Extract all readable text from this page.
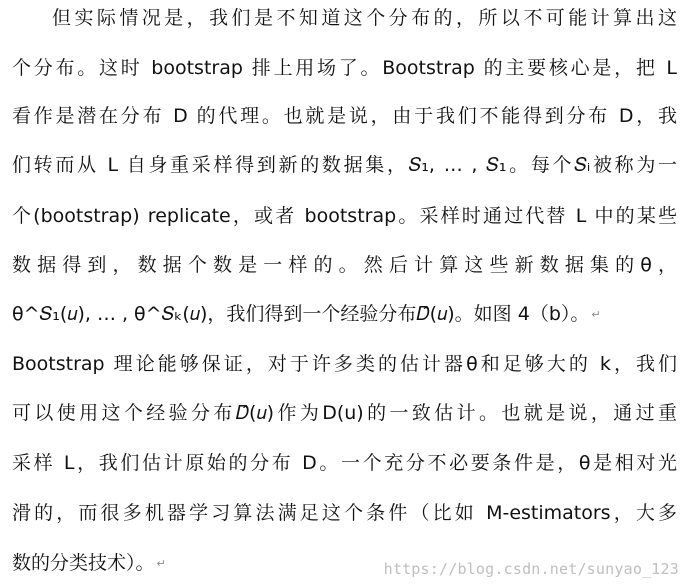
但实际情况是，我们是不知道这个分布的，所以不可能计算出这
个分布。这时 bootstrap 排上用场了。Bootstrap 的主要核心是，把 L
看作是潜在分布 D 的代理。也就是说，由于我们不能得到分布 D，我
们转而从 L 自身重采样得到新的数据集，𝑆₁, … , 𝑆₁。每个𝑆ᵢ被称为一
个(bootstrap) replicate，或者 bootstrap。采样时通过代替 L 中的某些
数据得到，数据个数是一样的。然后计算这些新数据集的θ，
θ^𝑆₁(𝑢), … , θ^𝑆ₖ(𝑢)，我们得到一个经验分布𝐷̂(𝑢)。如图 4（b）。 ↵
Bootstrap 理论能够保证，对于许多类的估计器θ和足够大的 k，我们
可以使用这个经验分布𝐷̂(𝑢)作为D(u)的一致估计。也就是说，通过重
采样 L，我们估计原始的分布 D。一个充分不必要条件是，θ是相对光
滑的，而很多机器学习算法满足这个条件（比如 M-estimators，大多
数的分类技术）。 ↵	https://blog.csdn.net/sunyao_123
